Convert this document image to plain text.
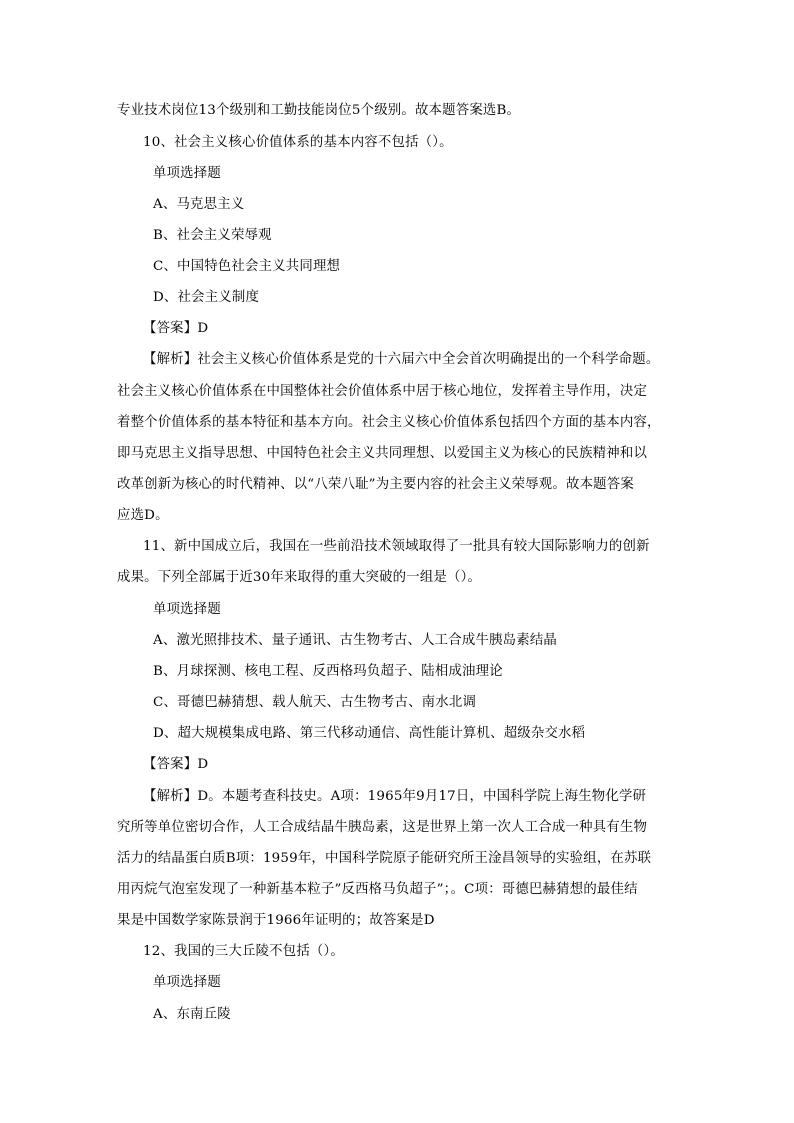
专业技术岗位13个级别和工勤技能岗位5个级别。故本题答案选B。
10、社会主义核心价值体系的基本内容不包括（）。
单项选择题
A、马克思主义
B、社会主义荣辱观
C、中国特色社会主义共同理想
D、社会主义制度
【答案】D
【解析】社会主义核心价值体系是党的十六届六中全会首次明确提出的一个科学命题。
社会主义核心价值体系在中国整体社会价值体系中居于核心地位，发挥着主导作用，决定
着整个价值体系的基本特征和基本方向。社会主义核心价值体系包括四个方面的基本内容，
即马克思主义指导思想、中国特色社会主义共同理想、以爱国主义为核心的民族精神和以
改革创新为核心的时代精神、以“八荣八耻”为主要内容的社会主义荣辱观。故本题答案
应选D。
11、新中国成立后，我国在一些前沿技术领域取得了一批具有较大国际影响力的创新
成果。下列全部属于近30年来取得的重大突破的一组是（）。
单项选择题
A、激光照排技术、量子通讯、古生物考古、人工合成牛胰岛素结晶
B、月球探测、核电工程、反西格玛负超子、陆相成油理论
C、哥德巴赫猜想、载人航天、古生物考古、南水北调
D、超大规模集成电路、第三代移动通信、高性能计算机、超级杂交水稻
【答案】D
【解析】D。本题考查科技史。A项：1965年9月17日，中国科学院上海生物化学研
究所等单位密切合作，人工合成结晶牛胰岛素，这是世界上第一次人工合成一种具有生物
活力的结晶蛋白质B项：1959年，中国科学院原子能研究所王淦昌领导的实验组，在苏联
用丙烷气泡室发现了一种新基本粒子”反西格马负超子”；。C项：哥德巴赫猜想的最佳结
果是中国数学家陈景润于1966年证明的；故答案是D
12、我国的三大丘陵不包括（）。
单项选择题
A、东南丘陵
